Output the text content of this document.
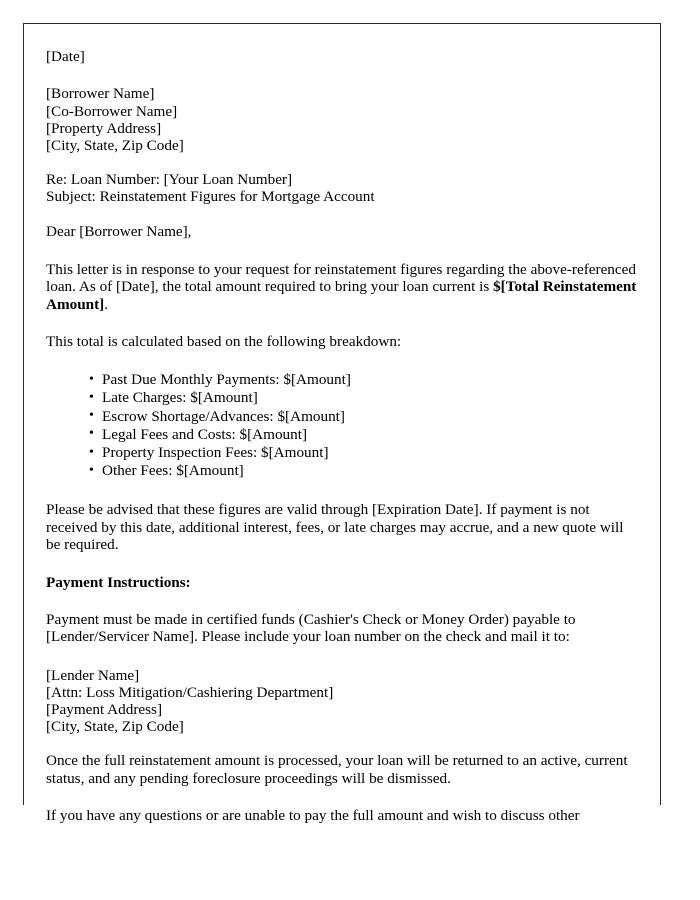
[Date]

[Borrower Name]
[Co-Borrower Name]
[Property Address]
[City, State, Zip Code]
Re: Loan Number: [Your Loan Number]
Subject: Reinstatement Figures for Mortgage Account

Dear [Borrower Name],

This letter is in response to your request for reinstatement figures regarding the above-referenced loan. As of [Date], the total amount required to bring your loan current is $[Total Reinstatement Amount].

This total is calculated based on the following breakdown:

• Past Due Monthly Payments: $[Amount]
• Late Charges: $[Amount]
• Escrow Shortage/Advances: $[Amount]
• Legal Fees and Costs: $[Amount]
• Property Inspection Fees: $[Amount]
• Other Fees: $[Amount]

Please be advised that these figures are valid through [Expiration Date]. If payment is not received by this date, additional interest, fees, or late charges may accrue, and a new quote will be required.

Payment Instructions:

Payment must be made in certified funds (Cashier's Check or Money Order) payable to [Lender/Servicer Name]. Please include your loan number on the check and mail it to:

[Lender Name]
[Attn: Loss Mitigation/Cashiering Department]
[Payment Address]
[City, State, Zip Code]

Once the full reinstatement amount is processed, your loan will be returned to an active, current status, and any pending foreclosure proceedings will be dismissed.

If you have any questions or are unable to pay the full amount and wish to discuss other
